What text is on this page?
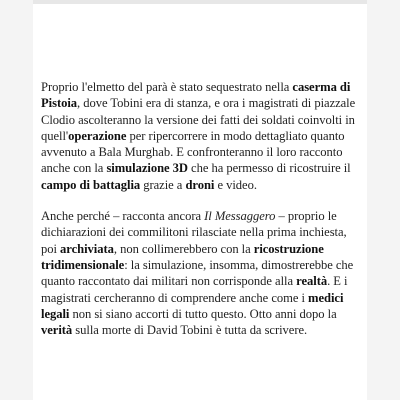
Proprio l'elmetto del parà è stato sequestrato nella caserma di Pistoia, dove Tobini era di stanza, e ora i magistrati di piazzale Clodio ascolteranno la versione dei fatti dei soldati coinvolti in quell'operazione per ripercorrere in modo dettagliato quanto avvenuto a Bala Murghab. E confronteranno il loro racconto anche con la simulazione 3D che ha permesso di ricostruire il campo di battaglia grazie a droni e video.

Anche perché – racconta ancora Il Messaggero – proprio le dichiarazioni dei commilitoni rilasciate nella prima inchiesta, poi archiviata, non collimerebbero con la ricostruzione tridimensionale: la simulazione, insomma, dimostrerebbe che quanto raccontato dai militari non corrisponde alla realtà. E i magistrati cercheranno di comprendere anche come i medici legali non si siano accorti di tutto questo. Otto anni dopo la verità sulla morte di David Tobini è tutta da scrivere.
